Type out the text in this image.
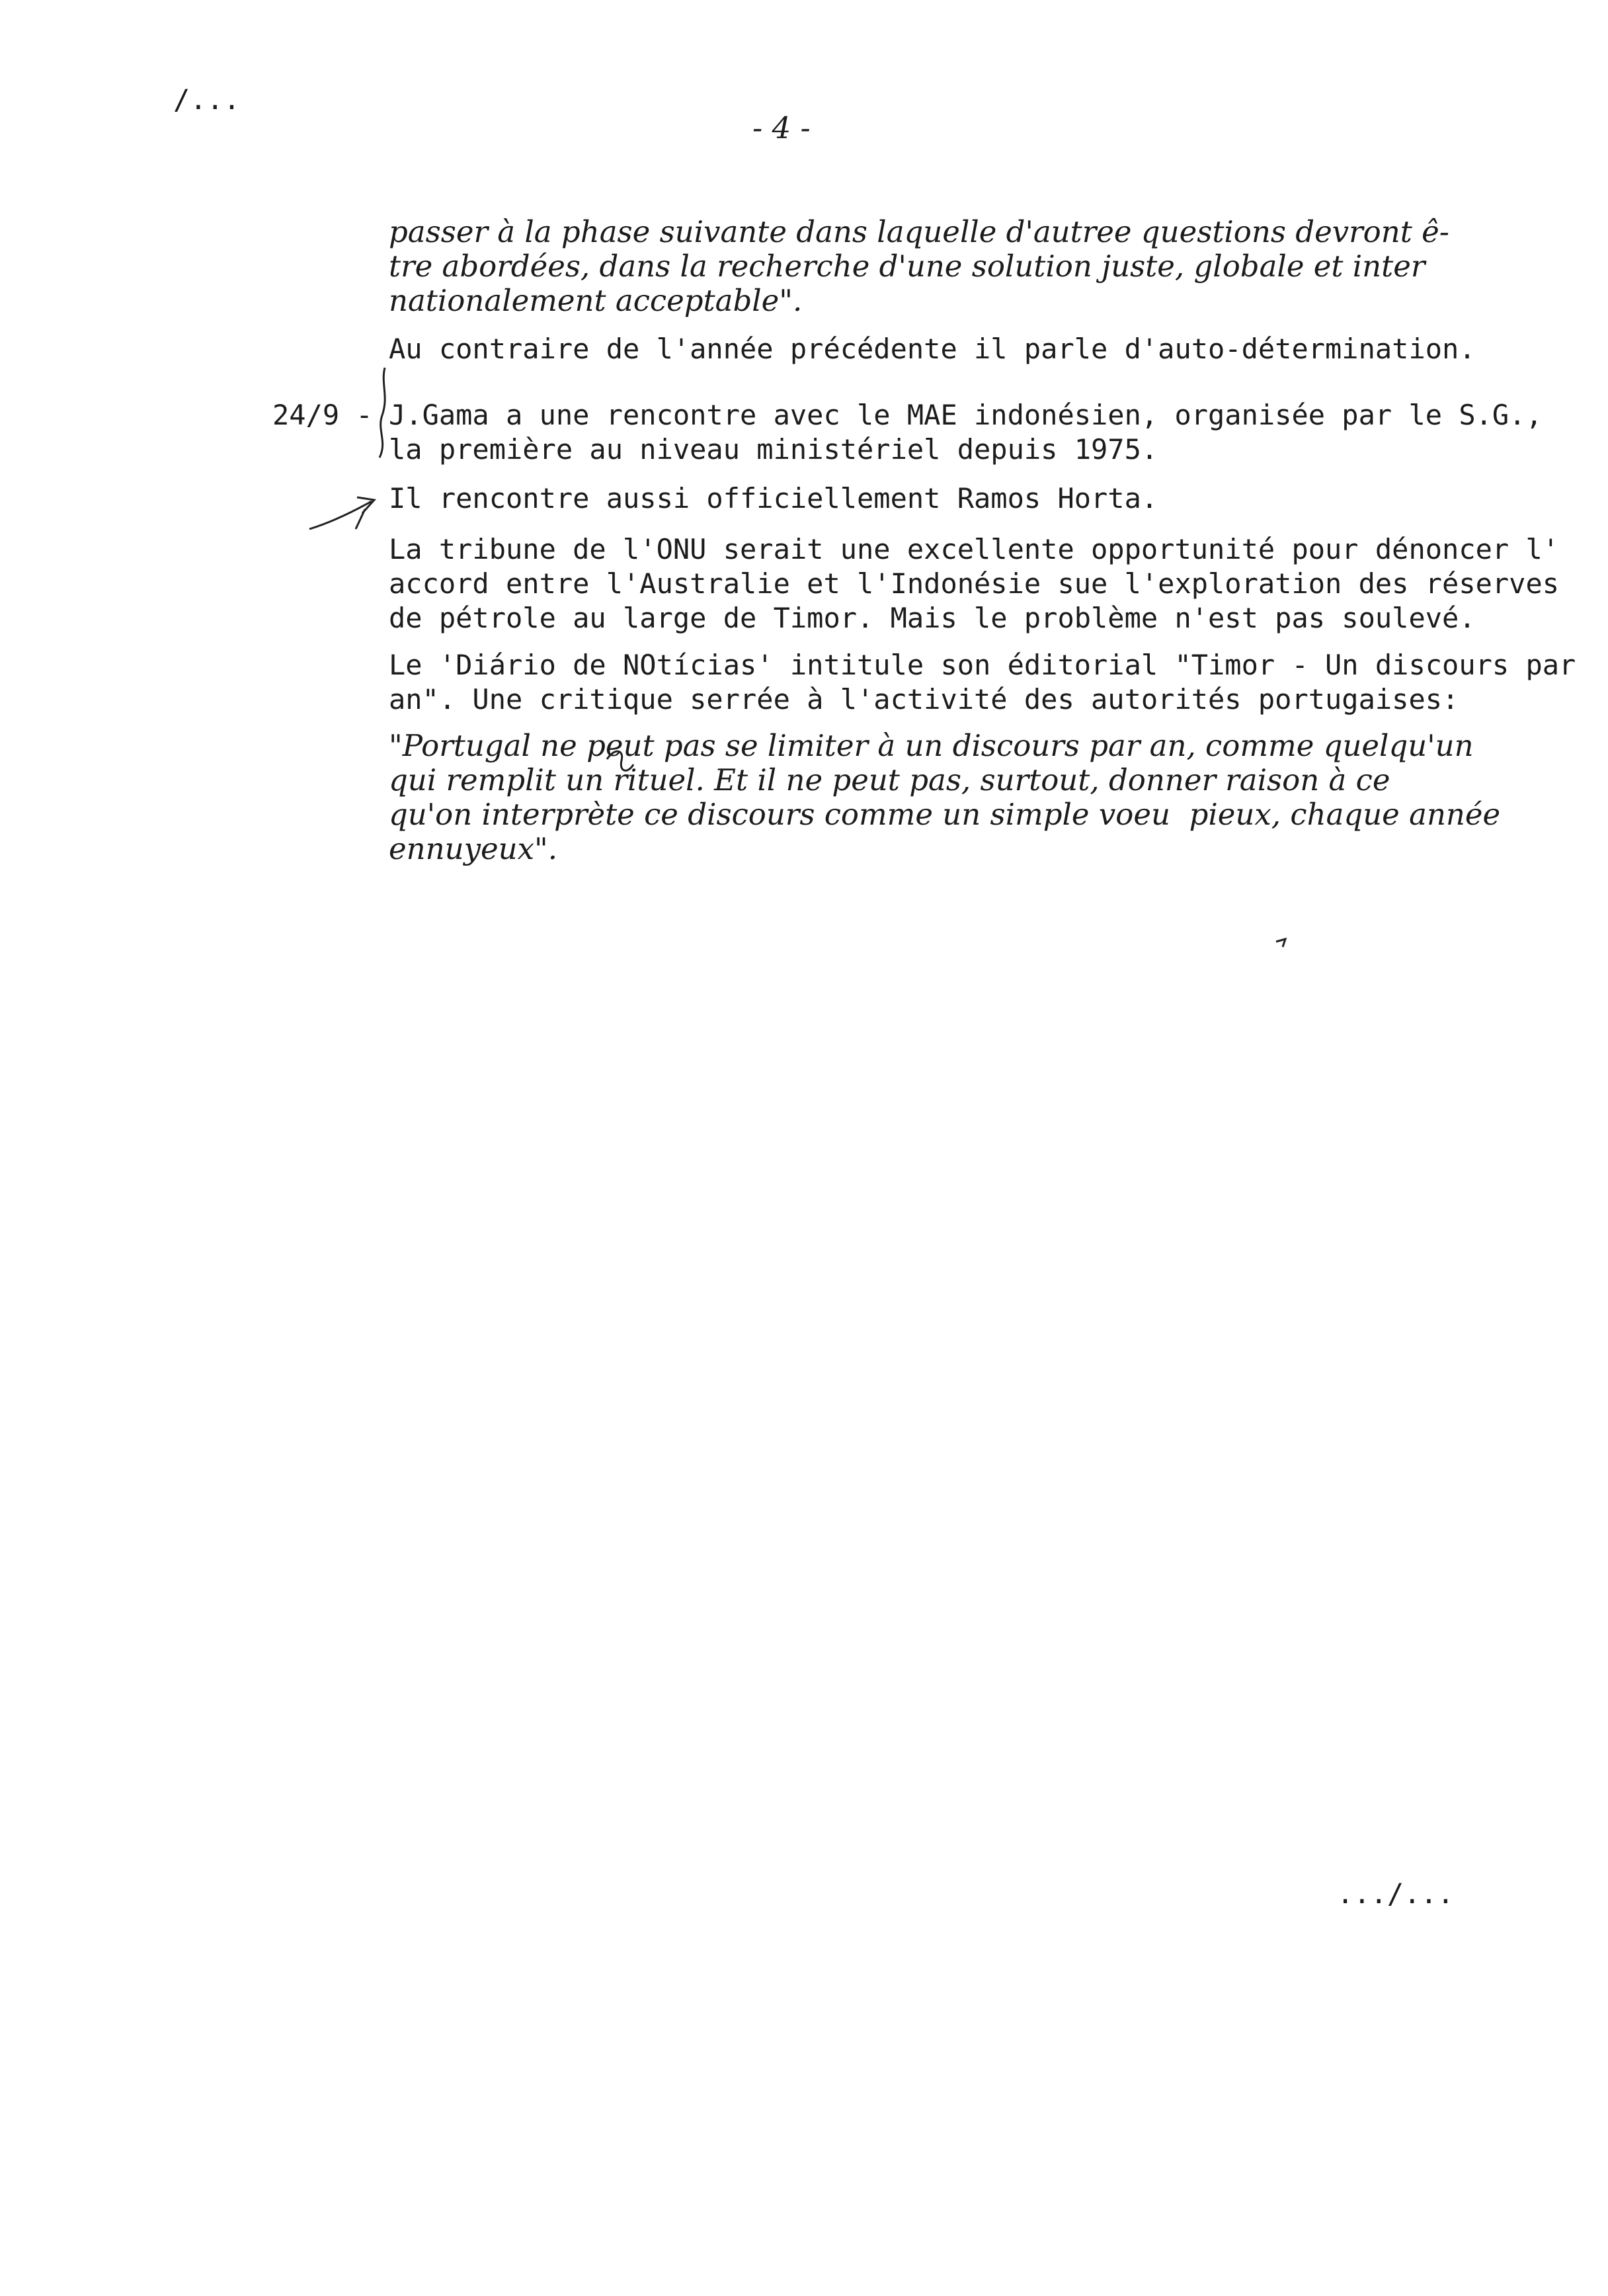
/...
- 4 -
passer à la phase suivante dans laquelle d'autree questions devront ê-
tre abordées, dans la recherche d'une solution juste, globale et inter
nationalement acceptable".
Au contraire de l'année précédente il parle d'auto-détermination.
24/9 - J.Gama a une rencontre avec le MAE indonésien, organisée par le S.G.,
la première au niveau ministériel depuis 1975.
Il rencontre aussi officiellement Ramos Horta.
La tribune de l'ONU serait une excellente opportunité pour dénoncer l'
accord entre l'Australie et l'Indonésie sue l'exploration des réserves
de pétrole au large de Timor. Mais le problème n'est pas soulevé.
Le 'Diário de NOtícias' intitule son éditorial "Timor - Un discours par
an". Une critique serrée à l'activité des autorités portugaises:
"Portugal ne peut pas se limiter à un discours par an, comme quelqu'un
qui remplit un rituel. Et il ne peut pas, surtout, donner raison à ce
qu'on interprète ce discours comme un simple voeu  pieux, chaque année
ennuyeux".
.../...
